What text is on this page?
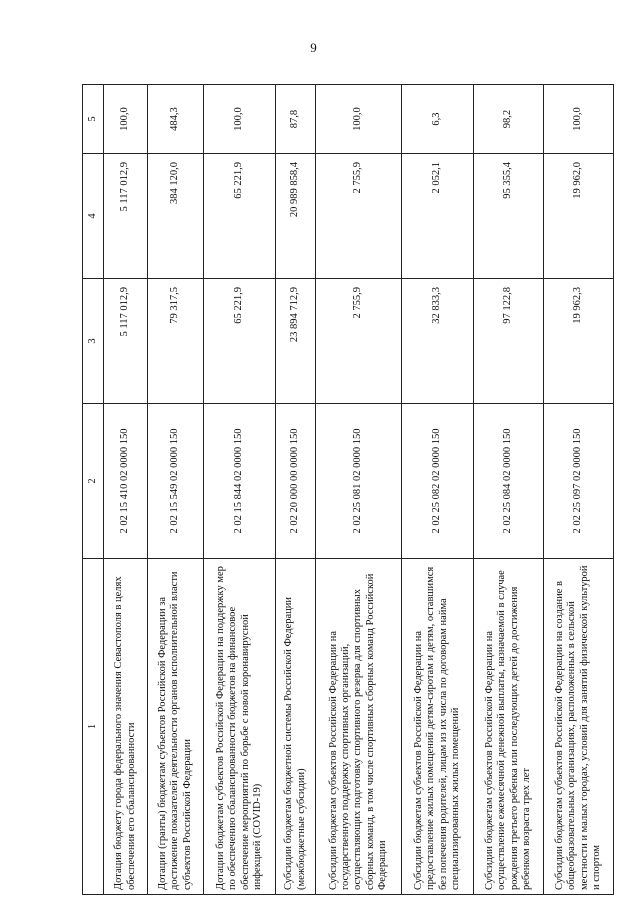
9
1	2	3	4	5
Дотация бюджету города федерального значения Севастополя в целях обеспечения его сбалансированности	2 02 15 410 02 0000 150	5 117 012,9	5 117 012,9	100,0
Дотации (гранты) бюджетам субъектов Российской Федерации за достижение показателей деятельности органов исполнительной власти субъектов Российской Федерации	2 02 15 549 02 0000 150	79 317,5	384 120,0	484,3
Дотации бюджетам субъектов Российской Федерации на поддержку мер по обеспечению сбалансированности бюджетов на финансовое обеспечение мероприятий по борьбе с новой коронавирусной инфекцией (COVID-19)	2 02 15 844 02 0000 150	65 221,9	65 221,9	100,0
Субсидии бюджетам бюджетной системы Российской Федерации (межбюджетные субсидии)	2 02 20 000 00 0000 150	23 894 712,9	20 989 858,4	87,8
Субсидии бюджетам субъектов Российской Федерации на государственную поддержку спортивных организаций, осуществляющих подготовку спортивного резерва для спортивных сборных команд, в том числе спортивных сборных команд Российской Федерации	2 02 25 081 02 0000 150	2 755,9	2 755,9	100,0
Субсидии бюджетам субъектов Российской Федерации на предоставление жилых помещений детям-сиротам и детям, оставшимся без попечения родителей, лицам из их числа по договорам найма специализированных жилых помещений	2 02 25 082 02 0000 150	32 833,3	2 052,1	6,3
Субсидии бюджетам субъектов Российской Федерации на осуществление ежемесячной денежной выплаты, назначаемой в случае рождения третьего ребенка или последующих детей до достижения ребенком возраста трех лет	2 02 25 084 02 0000 150	97 122,8	95 355,4	98,2
Субсидии бюджетам субъектов Российской Федерации на создание в общеобразовательных организациях, расположенных в сельской местности и малых городах, условий для занятий физической культурой и спортом	2 02 25 097 02 0000 150	19 962,3	19 962,0	100,0
